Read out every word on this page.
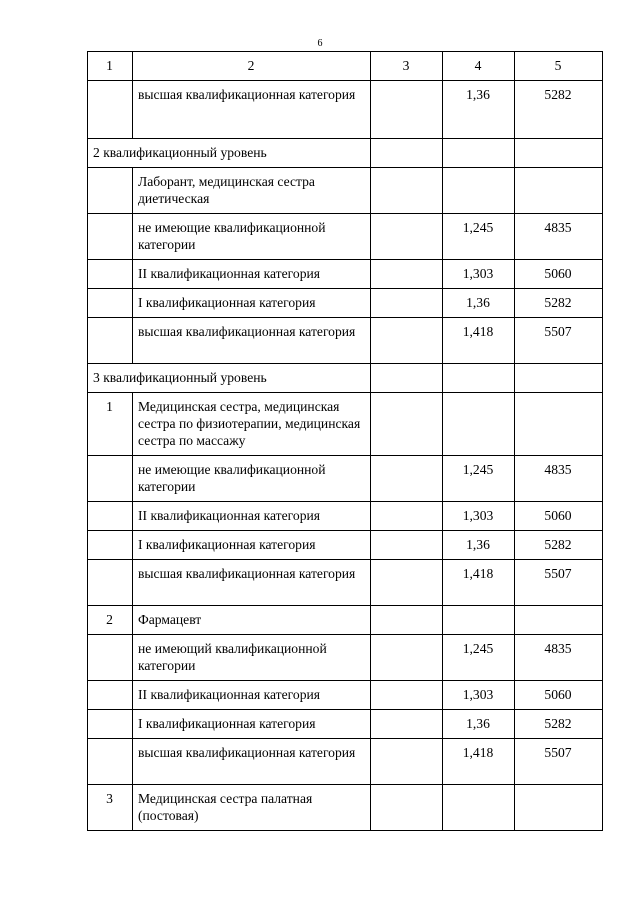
6
1	2	3	4	5
	высшая квалификационная категория		1,36	5282
2 квалификационный уровень				
	Лаборант, медицинская сестра диетическая			
	не имеющие квалификационной категории		1,245	4835
	II квалификационная категория		1,303	5060
	I квалификационная категория		1,36	5282
	высшая квалификационная категория		1,418	5507
3 квалификационный уровень				
1	Медицинская сестра, медицинская сестра по физиотерапии, медицинская сестра по массажу			
	не имеющие квалификационной категории		1,245	4835
	II квалификационная категория		1,303	5060
	I квалификационная категория		1,36	5282
	высшая квалификационная категория		1,418	5507
2	Фармацевт			
	не имеющий квалификационной категории		1,245	4835
	II квалификационная категория		1,303	5060
	I квалификационная категория		1,36	5282
	высшая квалификационная категория		1,418	5507
3	Медицинская сестра палатная (постовая)			
